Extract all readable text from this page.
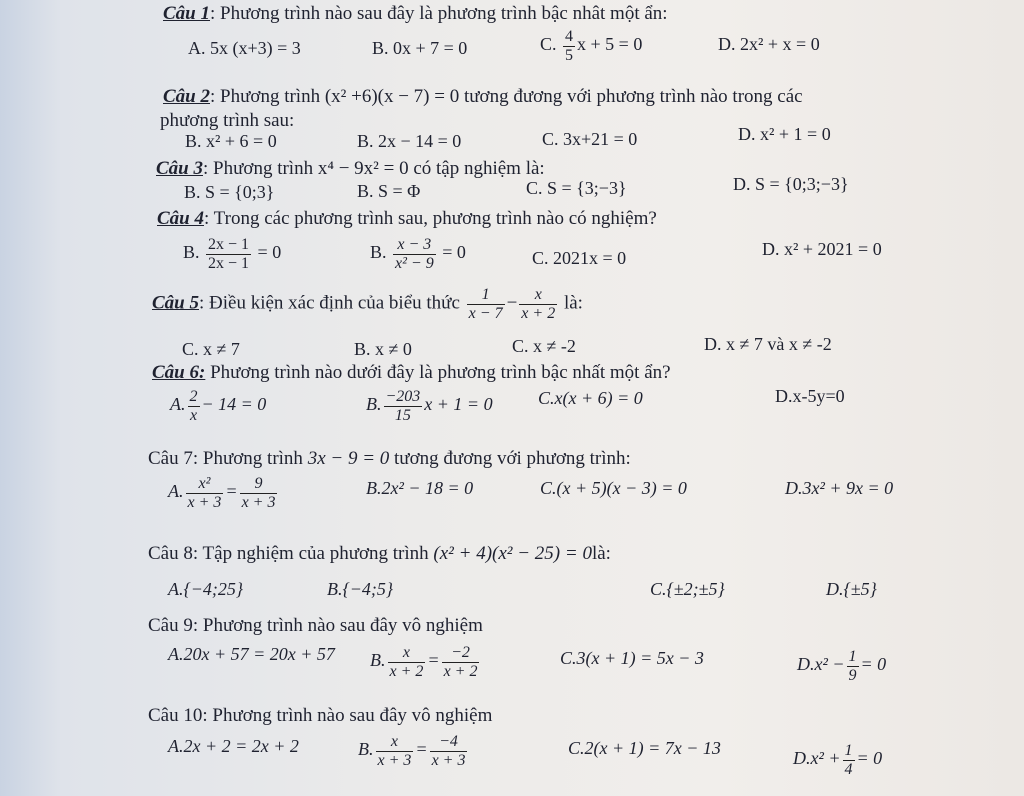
Câu 1: Phương trình nào sau đây là phương trình bậc nhât một ẩn:
A. 5x (x+3) = 3	B. 0x + 7 = 0	C. $\frac{4}{5}$ x + 5 = 0	D. 2x² + x = 0
Câu 2: Phương trình (x² +6)(x − 7) = 0 tương đương với phương trình nào trong các
phương trình sau:
B. x² + 6 = 0	B. 2x − 14 = 0	C. 3x+21 = 0	D. x² + 1 = 0
Câu 3: Phương trình x⁴ − 9x² = 0 có tập nghiệm là:
B. S = {0;3}	B. S = Φ	C. S = {3;−3}	D. S = {0;3;−3}
Câu 4: Trong các phương trình sau, phương trình nào có nghiệm?
B. $\frac{2x - 1}{2x - 1} = 0$	B. $\frac{x - 3}{\text{x² − 9}} = 0$	C. 2021x = 0	D. x² + 2021 = 0
Câu 5: Điều kiện xác định của biểu thức $\frac{1}{x - 7} - \frac{x}{x + 2}$ là:
C. x ≠ 7	B. x ≠ 0	C. x ≠ -2	D. x ≠ 7 và x ≠ -2
Câu 6: Phương trình nào dưới đây là phương trình bậc nhất một ẩn?
A. $\frac{2}{x} - 14 = 0$	B. $\frac{-203}{15}$ x + 1 = 0	C.x(x + 6) = 0	D.x-5y=0
Câu 7: Phương trình 3x − 9 = 0 tương đương với phương trình:
A. $\frac{\text{x²}}{x + 3} = \frac{9}{x + 3}$	B.2x² − 18 = 0	C.(x + 5)(x − 3) = 0	D.3x² + 9x = 0
Câu 8: Tập nghiệm của phương trình (x² + 4)(x² − 25) = 0là:
A.{−4;25}	B.{−4;5}	C.{±2;±5}	D.{±5}
Câu 9: Phương trình nào sau đây vô nghiệm
A.20x + 57 = 20x + 57 B. $\frac{x}{x + 2} = \frac{-2}{x + 2}$	C.3(x + 1) = 5x − 3	$D.x^2 - \frac{1}{9} = 0$
Câu 10: Phương trình nào sau đây vô nghiệm
A.2x + 2 = 2x + 2	B. $\frac{x}{x + 3} = \frac{-4}{x + 3}$	C.2(x + 1) = 7x − 13
$D.x^2 + \frac{1}{4} = 0$
